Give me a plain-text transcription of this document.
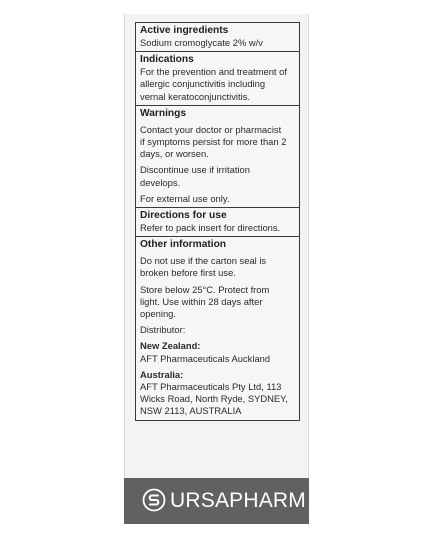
Active ingredients
Sodium cromoglycate 2% w/v
Indications
For the prevention and treatment of
allergic conjunctivitis including
vernal keratoconjunctivitis.
Warnings
Contact your doctor or pharmacist
if symptoms persist for more than 2
days, or worsen.
Discontinue use if irritation
develops.
For external use only.
Directions for use
Refer to pack insert for directions.
Other information
Do not use if the carton seal is
broken before first use.
Store below 25°C. Protect from
light. Use within 28 days after
opening.
Distributor:
New Zealand:
AFT Pharmaceuticals Auckland
Australia:
AFT Pharmaceuticals Pty Ltd, 113
Wicks Road, North Ryde, SYDNEY,
NSW 2113, AUSTRALIA
URSAPHARM
